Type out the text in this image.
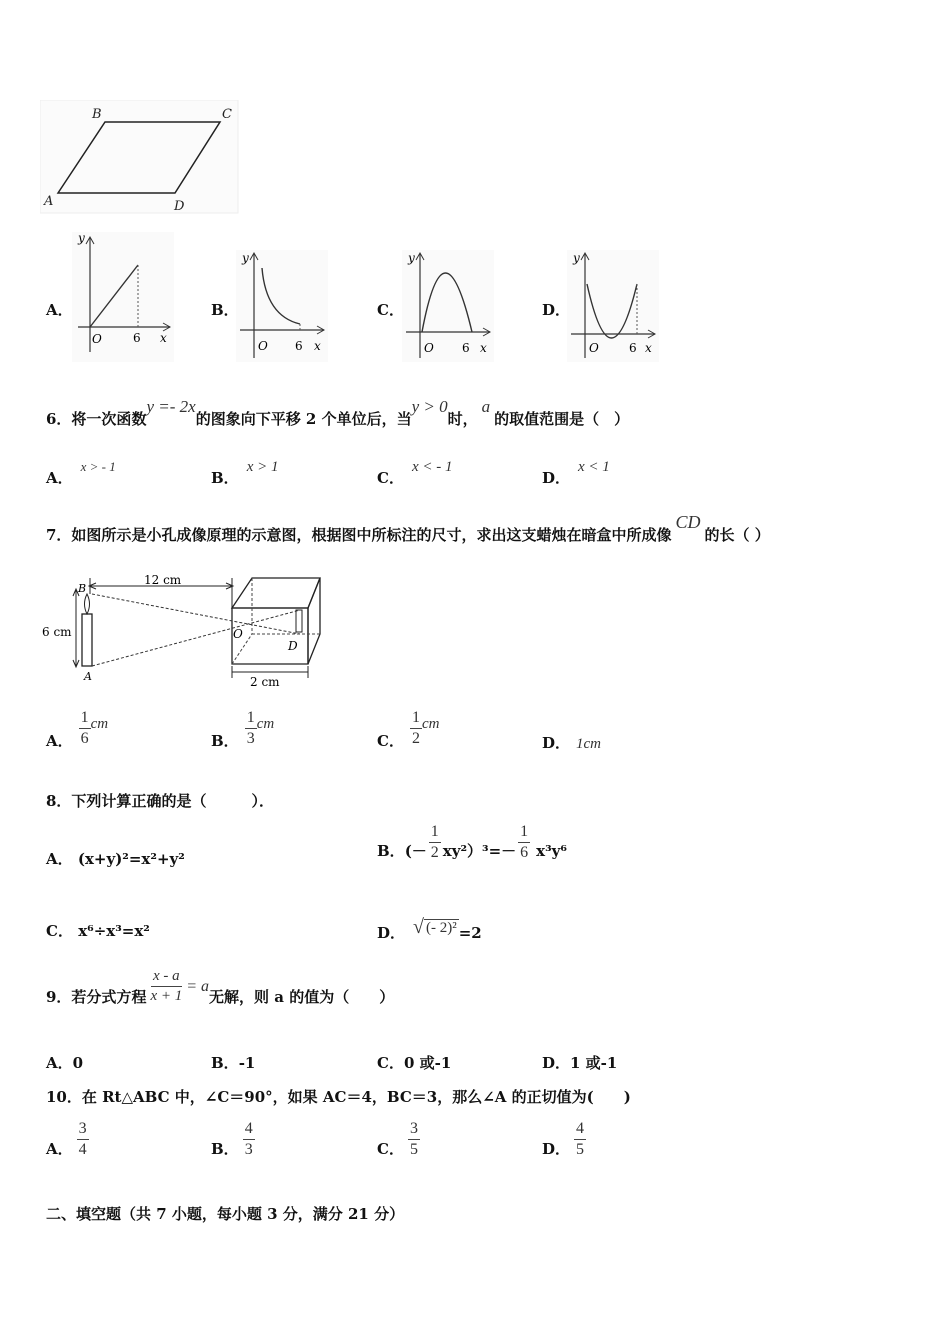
B	C
A	D
A．
y
x
O	6
B．
y
x
O 6
C．
y
x
O 6
D．
y
x
O	6
6．将一次函数y =- 2x的图象向下平移 2 个单位后，当y > 0时，a的取值范围是（　）
A．x > - 1
B．x > 1
C．x < - 1
D．x < 1
7．如图所示是小孔成像原理的示意图，根据图中所标注的尺寸，求出这支蜡烛在暗盒中所成像CD的长（ ）
6 cm
B
A
12 cm
O
D
2 cm
A． $\frac{1}{6}$ cm
B． $\frac{1}{3}$ cm
C． $\frac{1}{2}$ cm
D． 1cm
8．下列计算正确的是（　　　）．
A． (x+y)²=x²+y²	B． (－ $\frac{1}{2} xy^2)^3=- \frac{1}{6} x^3y^6$
C． x⁶÷x³=x²	D． √ (- 2)² =2
9．若分式方程 $\frac{x - a}{x + 1} = a$
无解，则 a 的值为（　　）
A．0	B．-1	C．0 或-1	D．1 或-1
10．在 Rt△ABC 中，∠C＝90°，如果 AC＝4，BC＝3，那么∠A 的正切值为(　　)
A． $\frac{3}{4}$	B． $\frac{4}{3}$	C． $\frac{3}{5}$	D． $\frac{4}{5}$
二、填空题（共 7 小题，每小题 3 分，满分 21 分）
